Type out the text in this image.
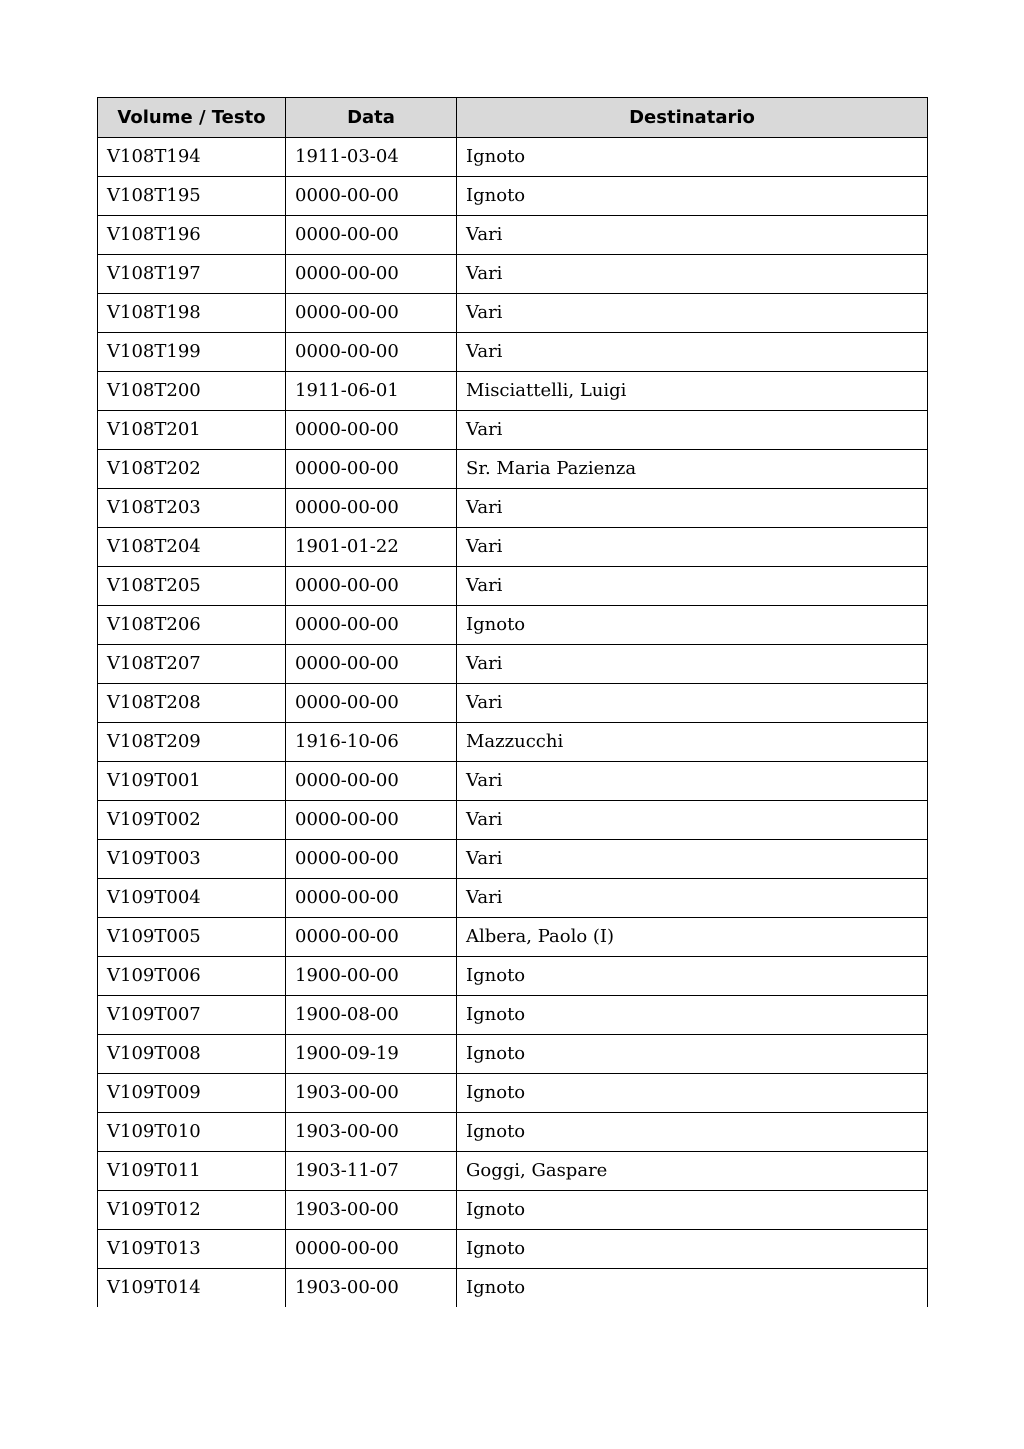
Volume / Testo	Data	Destinatario
V108T194	1911-03-04	Ignoto
V108T195	0000-00-00	Ignoto
V108T196	0000-00-00	Vari
V108T197	0000-00-00	Vari
V108T198	0000-00-00	Vari
V108T199	0000-00-00	Vari
V108T200	1911-06-01	Misciattelli, Luigi
V108T201	0000-00-00	Vari
V108T202	0000-00-00	Sr. Maria Pazienza
V108T203	0000-00-00	Vari
V108T204	1901-01-22	Vari
V108T205	0000-00-00	Vari
V108T206	0000-00-00	Ignoto
V108T207	0000-00-00	Vari
V108T208	0000-00-00	Vari
V108T209	1916-10-06	Mazzucchi
V109T001	0000-00-00	Vari
V109T002	0000-00-00	Vari
V109T003	0000-00-00	Vari
V109T004	0000-00-00	Vari
V109T005	0000-00-00	Albera, Paolo (I)
V109T006	1900-00-00	Ignoto
V109T007	1900-08-00	Ignoto
V109T008	1900-09-19	Ignoto
V109T009	1903-00-00	Ignoto
V109T010	1903-00-00	Ignoto
V109T011	1903-11-07	Goggi, Gaspare
V109T012	1903-00-00	Ignoto
V109T013	0000-00-00	Ignoto
V109T014	1903-00-00	Ignoto
